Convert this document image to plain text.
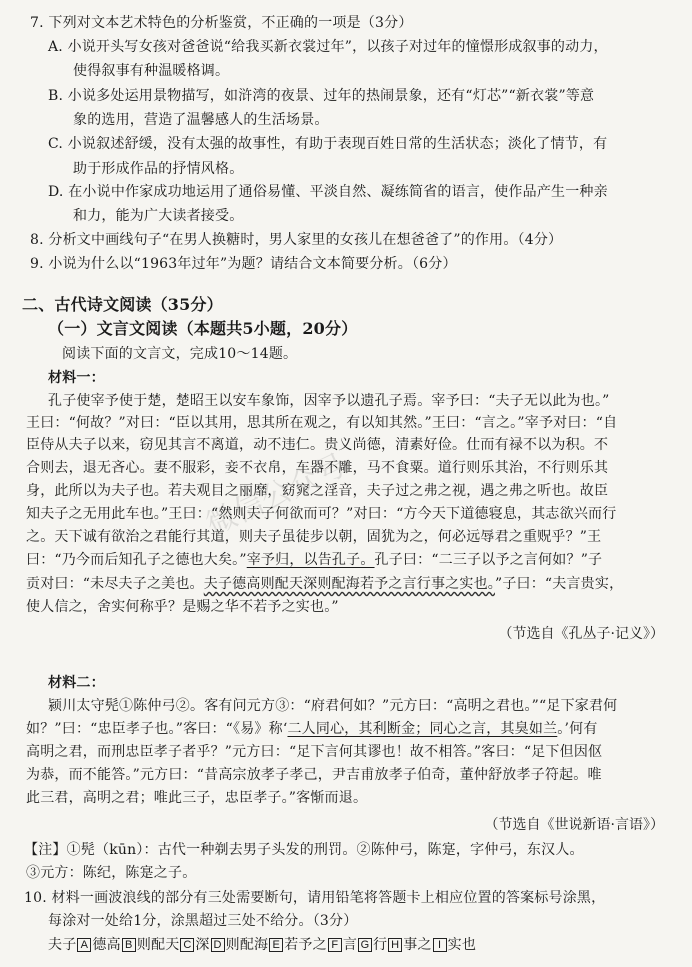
微信公众号
7. 下列对文本艺术特色的分析鉴赏，不正确的一项是（3分）
A. 小说开头写女孩对爸爸说“给我买新衣裳过年”，以孩子对过年的憧憬形成叙事的动力，
使得叙事有种温暖格调。
B. 小说多处运用景物描写，如浒湾的夜景、过年的热闹景象，还有“灯芯”“新衣裳”等意
象的选用，营造了温馨感人的生活场景。
C. 小说叙述舒缓，没有太强的故事性，有助于表现百姓日常的生活状态；淡化了情节，有
助于形成作品的抒情风格。
D. 在小说中作家成功地运用了通俗易懂、平淡自然、凝练简省的语言，使作品产生一种亲
和力，能为广大读者接受。
8. 分析文中画线句子“在男人换糖时，男人家里的女孩儿在想爸爸了”的作用。（4分）
9. 小说为什么以“1963年过年”为题？请结合文本简要分析。（6分）
二、古代诗文阅读（35分）
（一）文言文阅读（本题共5小题，20分）
阅读下面的文言文，完成10～14题。
材料一：
孔子使宰予使于楚，楚昭王以安车象饰，因宰予以遗孔子焉。宰予曰：“夫子无以此为也。”
王曰：“何故？”对曰：“臣以其用，思其所在观之，有以知其然。”王曰：“言之。”宰予对曰：“自
臣侍从夫子以来，窃见其言不离道，动不违仁。贵义尚德，清素好俭。仕而有禄不以为积。不
合则去，退无吝心。妻不服彩，妾不衣帛，车器不雕，马不食粟。道行则乐其治，不行则乐其
身，此所以为夫子也。若夫观目之丽靡，窈窕之淫音，夫子过之弗之视，遇之弗之听也。故臣
知夫子之无用此车也。”王曰：“然则夫子何欲而可？”对曰：“方今天下道德寝息，其志欲兴而行
之。天下诚有欲治之君能行其道，则夫子虽徒步以朝，固犹为之，何必远辱君之重贶乎？”王
曰：“乃今而后知孔子之德也大矣。”宰予归，以告孔子。孔子曰：“二三子以予之言何如？”子
贡对曰：“未尽夫子之美也。夫子德高则配天深则配海若予之言行事之实也。”子曰：“夫言贵实，
使人信之，舍实何称乎？是赐之华不若予之实也。”
（节选自《孔丛子·记义》）
材料二：
颍川太守髡①陈仲弓②。客有问元方③：“府君何如？”元方曰：“高明之君也。”“足下家君何
如？”曰：“忠臣孝子也。”客曰：“《易》称‘二人同心，其利断金；同心之言，其臭如兰。’何有
高明之君，而刑忠臣孝子者乎？”元方曰：“足下言何其谬也！故不相答。”客曰：“足下但因伛
为恭，而不能答。”元方曰：“昔高宗放孝子孝己，尹吉甫放孝子伯奇，董仲舒放孝子符起。唯
此三君，高明之君；唯此三子，忠臣孝子。”客惭而退。
（节选自《世说新语·言语》）
【注】①髡（kūn）：古代一种剃去男子头发的刑罚。②陈仲弓，陈寔，字仲弓，东汉人。
③元方：陈纪，陈寔之子。
10. 材料一画波浪线的部分有三处需要断句，请用铅笔将答题卡上相应位置的答案标号涂黑，
每涂对一处给1分，涂黑超过三处不给分。（3分）
夫子 A 德高 B 则配天 C 深 D 则配海 E 若予之 F 言 G 行 H 事之 I 实也
